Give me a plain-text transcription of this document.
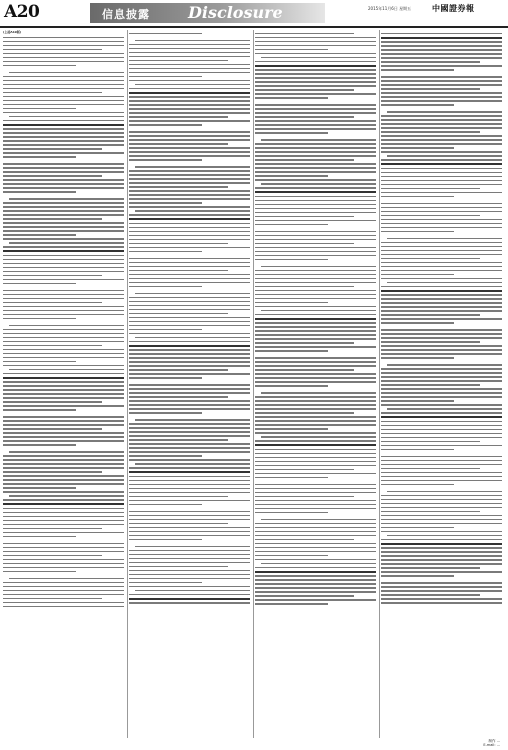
A20	信息披露 Disclosure	2015年11月6日 星期五	中國證券報
(上接A19版)
制作 ...
E-mail: ...
